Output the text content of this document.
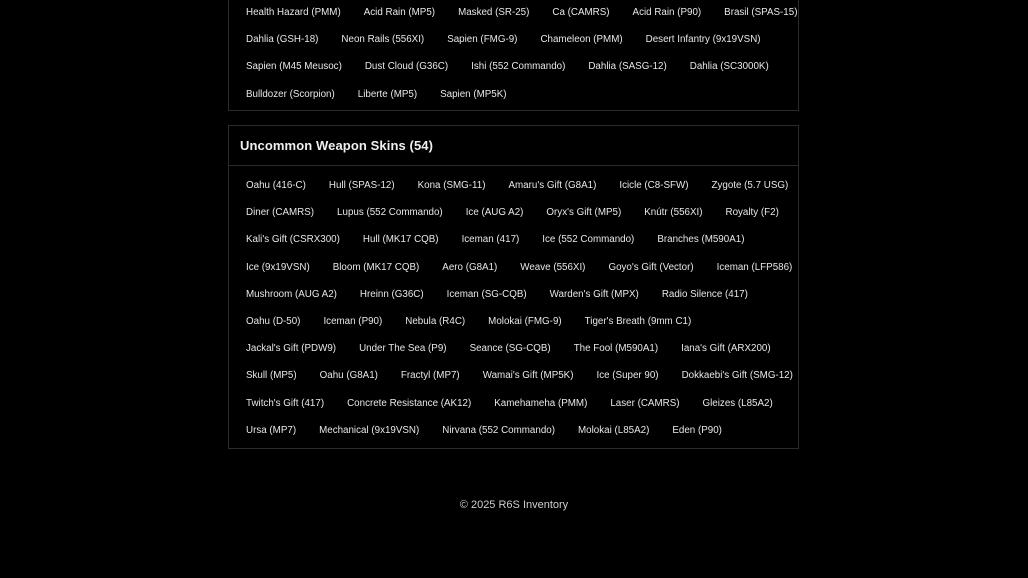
Health Hazard (PMM)	Acid Rain (MP5)	Masked (SR-25)	Ca (CAMRS)	Acid Rain (P90)	Brasil (SPAS-15)
Dahlia (GSH-18)	Neon Rails (556XI)	Sapien (FMG-9)	Chameleon (PMM)	Desert Infantry (9x19VSN)
Sapien (M45 Meusoc)	Dust Cloud (G36C)	Ishi (552 Commando)	Dahlia (SASG-12)	Dahlia (SC3000K)
Bulldozer (Scorpion)	Liberte (MP5)	Sapien (MP5K)
Uncommon Weapon Skins (54)
Oahu (416-C)	Hull (SPAS-12)	Kona (SMG-11)	Amaru's Gift (G8A1)	Icicle (C8-SFW)	Zygote (5.7 USG)
Diner (CAMRS)	Lupus (552 Commando)	Ice (AUG A2)	Oryx's Gift (MP5)	Knútr (556XI)	Royalty (F2)
Kali's Gift (CSRX300)	Hull (MK17 CQB)	Iceman (417)	Ice (552 Commando)	Branches (M590A1)
Ice (9x19VSN)	Bloom (MK17 CQB)	Aero (G8A1)	Weave (556XI)	Goyo's Gift (Vector)	Iceman (LFP586)
Mushroom (AUG A2)	Hreinn (G36C)	Iceman (SG-CQB)	Warden's Gift (MPX)	Radio Silence (417)
Oahu (D-50)	Iceman (P90)	Nebula (R4C)	Molokai (FMG-9)	Tiger's Breath (9mm C1)
Jackal's Gift (PDW9)	Under The Sea (P9)	Seance (SG-CQB)	The Fool (M590A1)	Iana's Gift (ARX200)
Skull (MP5)	Oahu (G8A1)	Fractyl (MP7)	Wamai's Gift (MP5K)	Ice (Super 90)	Dokkaebi's Gift (SMG-12)
Twitch's Gift (417)	Concrete Resistance (AK12)	Kamehameha (PMM)	Laser (CAMRS)	Gleizes (L85A2)
Ursa (MP7)	Mechanical (9x19VSN)	Nirvana (552 Commando)	Molokai (L85A2)	Eden (P90)
© 2025 R6S Inventory
